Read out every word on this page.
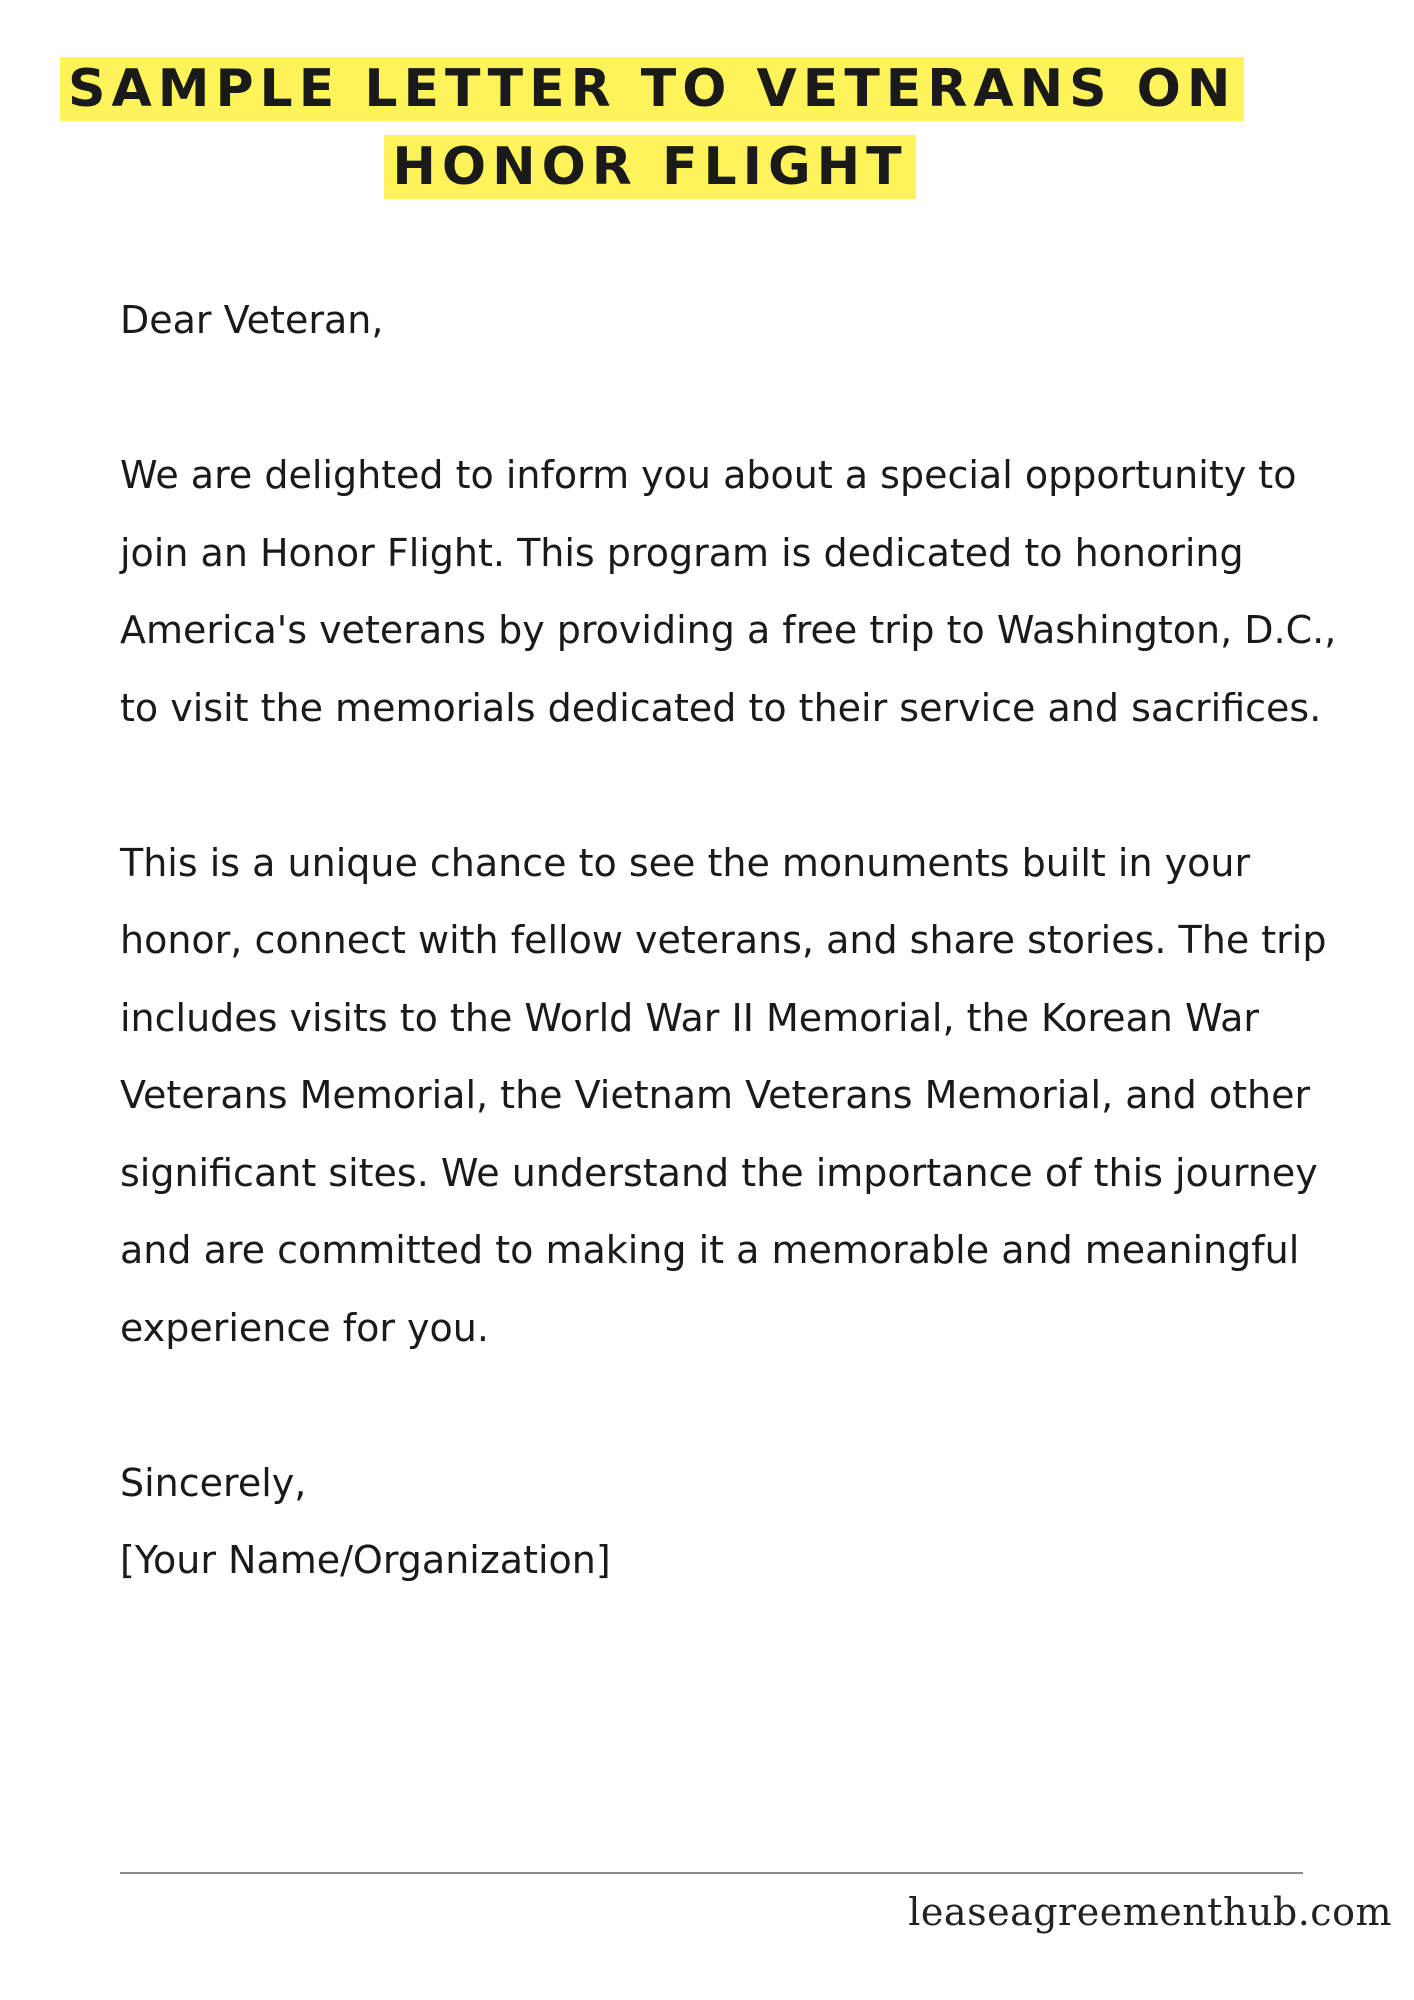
SAMPLE LETTER TO VETERANS ON HONOR FLIGHT

Dear Veteran,

We are delighted to inform you about a special opportunity to join an Honor Flight. This program is dedicated to honoring America's veterans by providing a free trip to Washington, D.C., to visit the memorials dedicated to their service and sacrifices.

This is a unique chance to see the monuments built in your honor, connect with fellow veterans, and share stories. The trip includes visits to the World War II Memorial, the Korean War Veterans Memorial, the Vietnam Veterans Memorial, and other significant sites. We understand the importance of this journey and are committed to making it a memorable and meaningful experience for you.

Sincerely,
[Your Name/Organization]
leaseagreementhub.com
